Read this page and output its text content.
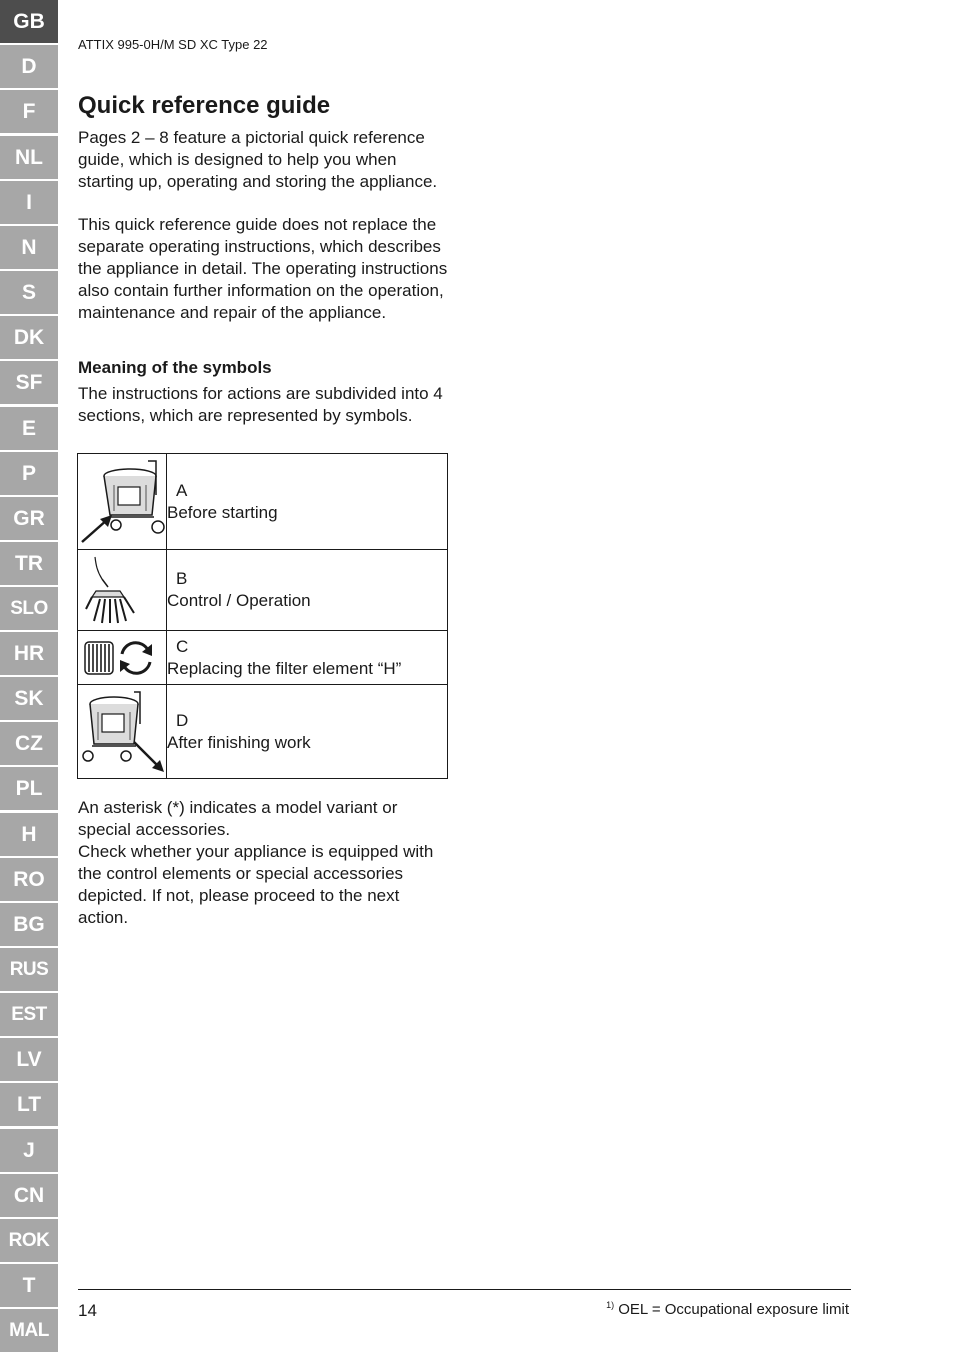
GB
D
F
NL
I
N
S
DK
SF
E
P
GR
TR
SLO
HR
SK
CZ
PL
H
RO
BG
RUS
EST
LV
LT
J
CN
ROK
T
MAL
ATTIX 995-0H/M SD XC Type 22
Quick reference guide

Pages 2 – 8 feature a pictorial quick reference guide, which is designed to help you when starting up, operating and storing the appliance.

This quick reference guide does not replace the separate operating instructions, which describes the appliance in detail. The operating instructions also contain further information on the operation, maintenance and repair of the appliance.

Meaning of the symbols

The instructions for actions are subdivided into 4 sections, which are represented by symbols.

	ABefore starting

	BControl / Operation

	CReplacing the filter element “H”

	DAfter finishing work

An asterisk (*) indicates a model variant or special accessories.

Check whether your appliance is equipped with the control elements or special accessories depicted. If not, please proceed to the next action.

14	$^{1)}$ OEL = Occupational exposure limit
